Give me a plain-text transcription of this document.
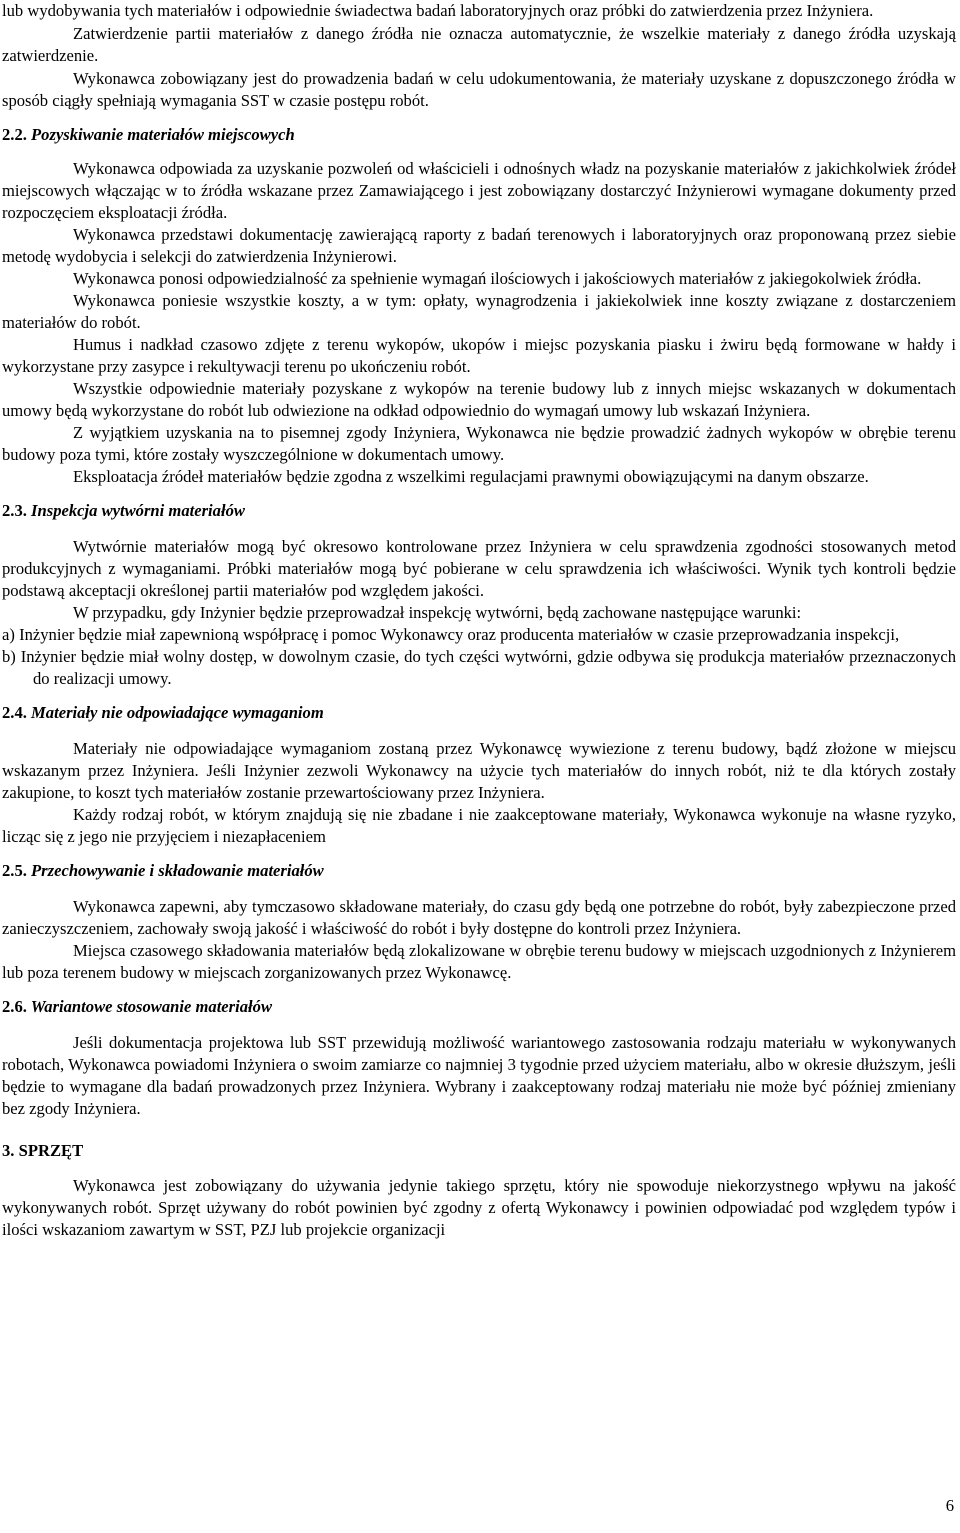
lub wydobywania tych materiałów i odpowiednie świadectwa badań laboratoryjnych oraz próbki do zatwierdzenia przez Inżyniera.

Zatwierdzenie partii materiałów z danego źródła nie oznacza automatycznie, że wszelkie materiały z danego źródła uzyskają zatwierdzenie.

Wykonawca zobowiązany jest do prowadzenia badań w celu udokumentowania, że materiały uzyskane z dopuszczonego źródła w sposób ciągły spełniają wymagania SST w czasie postępu robót.

2.2. Pozyskiwanie materiałów miejscowych

Wykonawca odpowiada za uzyskanie pozwoleń od właścicieli i odnośnych władz na pozyskanie materiałów z jakichkolwiek źródeł miejscowych włączając w to źródła wskazane przez Zamawiającego i jest zobowiązany dostarczyć Inżynierowi wymagane dokumenty przed rozpoczęciem eksploatacji źródła.

Wykonawca przedstawi dokumentację zawierającą raporty z badań terenowych i laboratoryjnych oraz proponowaną przez siebie metodę wydobycia i selekcji do zatwierdzenia Inżynierowi.

Wykonawca ponosi odpowiedzialność za spełnienie wymagań ilościowych i jakościowych materiałów z jakiegokolwiek źródła.

Wykonawca poniesie wszystkie koszty, a w tym: opłaty, wynagrodzenia i jakiekolwiek inne koszty związane z dostarczeniem materiałów do robót.

Humus i nadkład czasowo zdjęte z terenu wykopów, ukopów i miejsc pozyskania piasku i żwiru będą formowane w hałdy i wykorzystane przy zasypce i rekultywacji terenu po ukończeniu robót.

Wszystkie odpowiednie materiały pozyskane z wykopów na terenie budowy lub z innych miejsc wskazanych w dokumentach umowy będą wykorzystane do robót lub odwiezione na odkład odpowiednio do wymagań umowy lub wskazań Inżyniera.

Z wyjątkiem uzyskania na to pisemnej zgody Inżyniera, Wykonawca nie będzie prowadzić żadnych wykopów w obrębie terenu budowy poza tymi, które zostały wyszczególnione w dokumentach umowy.

Eksploatacja źródeł materiałów będzie zgodna z wszelkimi regulacjami prawnymi obowiązującymi na danym obszarze.

2.3. Inspekcja wytwórni materiałów

Wytwórnie materiałów mogą być okresowo kontrolowane przez Inżyniera w celu sprawdzenia zgodności stosowanych metod produkcyjnych z wymaganiami. Próbki materiałów mogą być pobierane w celu sprawdzenia ich właściwości. Wynik tych kontroli będzie podstawą akceptacji określonej partii materiałów pod względem jakości.

W przypadku, gdy Inżynier będzie przeprowadzał inspekcję wytwórni, będą zachowane następujące warunki:

a) Inżynier będzie miał zapewnioną współpracę i pomoc Wykonawcy oraz producenta materiałów w czasie przeprowadzania inspekcji,

b) Inżynier będzie miał wolny dostęp, w dowolnym czasie, do tych części wytwórni, gdzie odbywa się produkcja materiałów przeznaczonych do realizacji umowy.

2.4. Materiały nie odpowiadające wymaganiom

Materiały nie odpowiadające wymaganiom zostaną przez Wykonawcę wywiezione z terenu budowy, bądź złożone w miejscu wskazanym przez Inżyniera. Jeśli Inżynier zezwoli Wykonawcy na użycie tych materiałów do innych robót, niż te dla których zostały zakupione, to koszt tych materiałów zostanie przewartościowany przez Inżyniera.

Każdy rodzaj robót, w którym znajdują się nie zbadane i nie zaakceptowane materiały, Wykonawca wykonuje na własne ryzyko, licząc się z jego nie przyjęciem i niezapłaceniem

2.5. Przechowywanie i składowanie materiałów

Wykonawca zapewni, aby tymczasowo składowane materiały, do czasu gdy będą one potrzebne do robót, były zabezpieczone przed zanieczyszczeniem, zachowały swoją jakość i właściwość do robót i były dostępne do kontroli przez Inżyniera.

Miejsca czasowego składowania materiałów będą zlokalizowane w obrębie terenu budowy w miejscach uzgodnionych z Inżynierem lub poza terenem budowy w miejscach zorganizowanych przez Wykonawcę.

2.6. Wariantowe stosowanie materiałów

Jeśli dokumentacja projektowa lub SST przewidują możliwość wariantowego zastosowania rodzaju materiału w wykonywanych robotach, Wykonawca powiadomi Inżyniera o swoim zamiarze co najmniej 3 tygodnie przed użyciem materiału, albo w okresie dłuższym, jeśli będzie to wymagane dla badań prowadzonych przez Inżyniera. Wybrany i zaakceptowany rodzaj materiału nie może być później zmieniany bez zgody Inżyniera.

3. SPRZĘT

Wykonawca jest zobowiązany do używania jedynie takiego sprzętu, który nie spowoduje niekorzystnego wpływu na jakość wykonywanych robót. Sprzęt używany do robót powinien być zgodny z ofertą Wykonawcy i powinien odpowiadać pod względem typów i ilości wskazaniom zawartym w SST, PZJ lub projekcie organizacji

6
